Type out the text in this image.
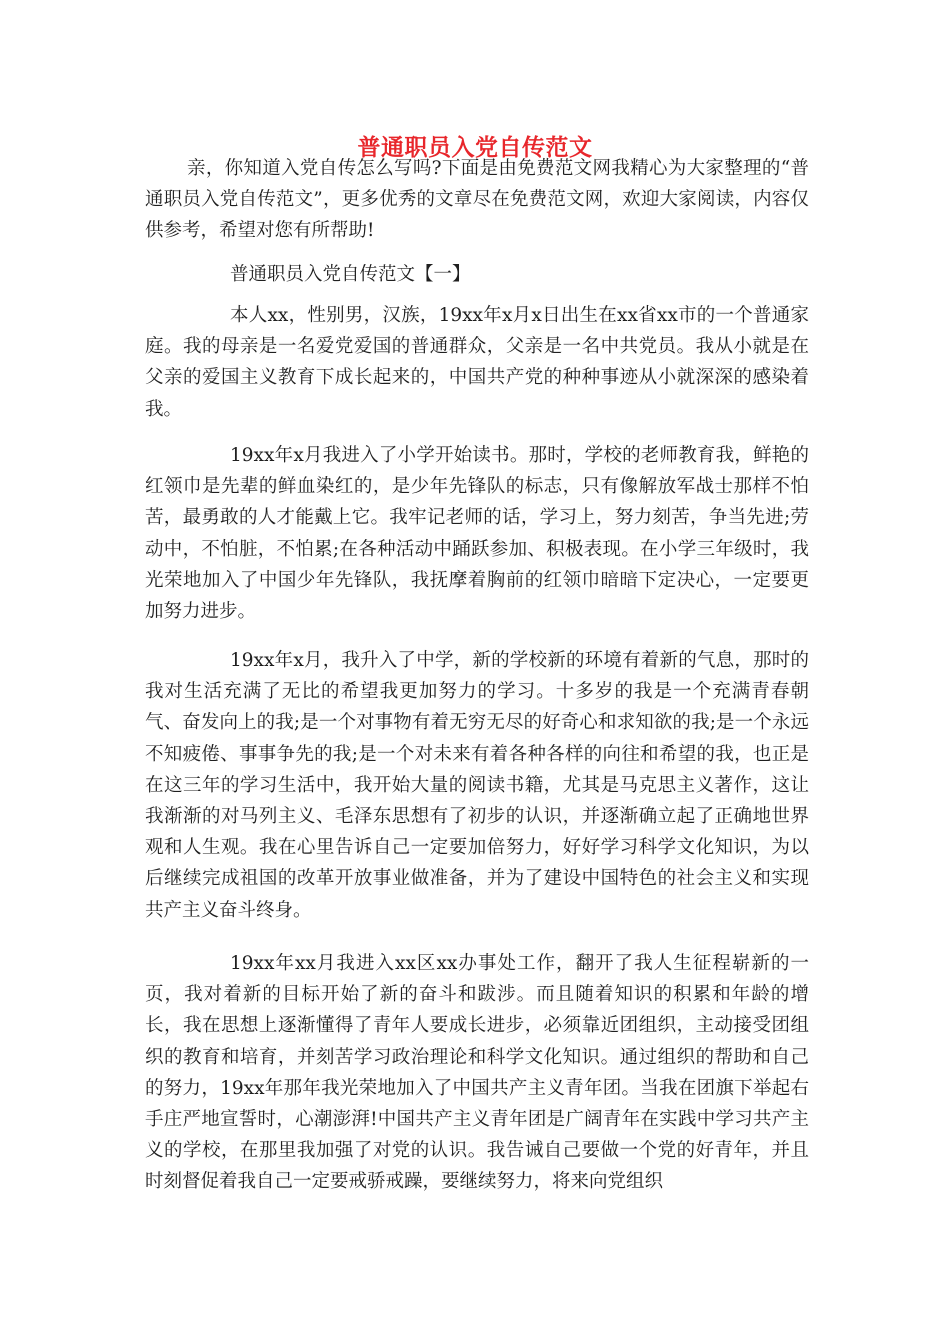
普通职员入党自传范文

亲，你知道入党自传怎么写吗?下面是由免费范文网我精心为大家整理的“普通职员入党自传范文”，更多优秀的文章尽在免费范文网，欢迎大家阅读，内容仅供参考，希望对您有所帮助!

普通职员入党自传范文【一】

本人xx，性别男，汉族，19xx年x月x日出生在xx省xx市的一个普通家庭。我的母亲是一名爱党爱国的普通群众，父亲是一名中共党员。我从小就是在父亲的爱国主义教育下成长起来的，中国共产党的种种事迹从小就深深的感染着我。

19xx年x月我进入了小学开始读书。那时，学校的老师教育我，鲜艳的红领巾是先辈的鲜血染红的，是少年先锋队的标志，只有像解放军战士那样不怕苦，最勇敢的人才能戴上它。我牢记老师的话，学习上，努力刻苦，争当先进;劳动中，不怕脏，不怕累;在各种活动中踊跃参加、积极表现。在小学三年级时，我光荣地加入了中国少年先锋队，我抚摩着胸前的红领巾暗暗下定决心，一定要更加努力进步。

19xx年x月，我升入了中学，新的学校新的环境有着新的气息，那时的我对生活充满了无比的希望我更加努力的学习。十多岁的我是一个充满青春朝气、奋发向上的我;是一个对事物有着无穷无尽的好奇心和求知欲的我;是一个永远不知疲倦、事事争先的我;是一个对未来有着各种各样的向往和希望的我，也正是在这三年的学习生活中，我开始大量的阅读书籍，尤其是马克思主义著作，这让我渐渐的对马列主义、毛泽东思想有了初步的认识，并逐渐确立起了正确地世界观和人生观。我在心里告诉自己一定要加倍努力，好好学习科学文化知识，为以后继续完成祖国的改革开放事业做准备，并为了建设中国特色的社会主义和实现共产主义奋斗终身。

19xx年xx月我进入xx区xx办事处工作，翻开了我人生征程崭新的一页，我对着新的目标开始了新的奋斗和跋涉。而且随着知识的积累和年龄的增长，我在思想上逐渐懂得了青年人要成长进步，必须靠近团组织，主动接受团组织的教育和培育，并刻苦学习政治理论和科学文化知识。通过组织的帮助和自己的努力，19xx年那年我光荣地加入了中国共产主义青年团。当我在团旗下举起右手庄严地宣誓时，心潮澎湃!中国共产主义青年团是广阔青年在实践中学习共产主义的学校，在那里我加强了对党的认识。我告诫自己要做一个党的好青年，并且时刻督促着我自己一定要戒骄戒躁，要继续努力，将来向党组织
